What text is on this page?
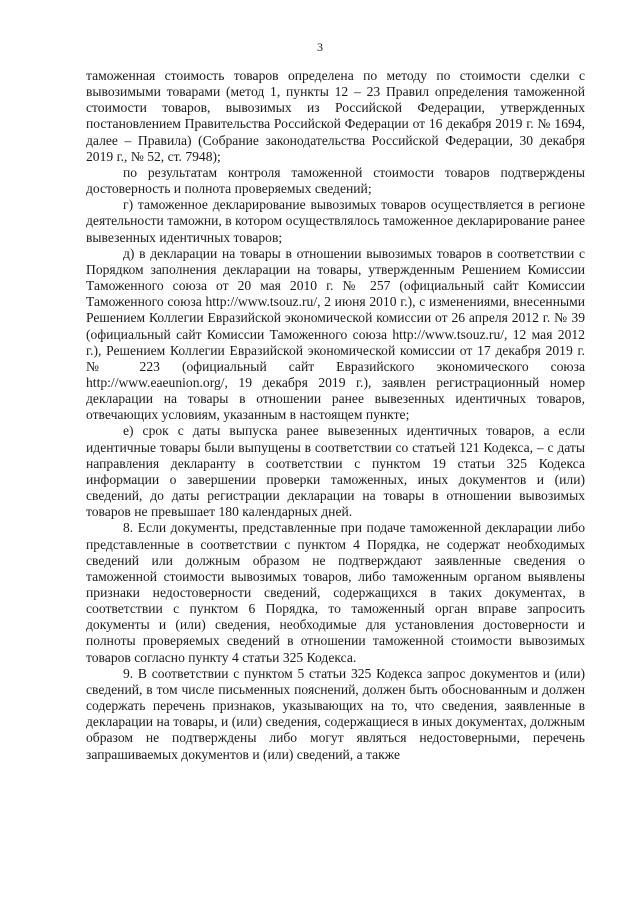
3

таможенная стоимость товаров определена по методу по стоимости сделки с вывозимыми товарами (метод 1, пункты 12 – 23 Правил определения таможенной стоимости товаров, вывозимых из Российской Федерации, утвержденных постановлением Правительства Российской Федерации от 16 декабря 2019 г. № 1694, далее – Правила) (Собрание законодательства Российской Федерации, 30 декабря 2019 г., № 52, ст. 7948);

по результатам контроля таможенной стоимости товаров подтверждены достоверность и полнота проверяемых сведений;

г) таможенное декларирование вывозимых товаров осуществляется в регионе деятельности таможни, в котором осуществлялось таможенное декларирование ранее вывезенных идентичных товаров;

д) в декларации на товары в отношении вывозимых товаров в соответствии с Порядком заполнения декларации на товары, утвержденным Решением Комиссии Таможенного союза от 20 мая 2010 г. № 257 (официальный сайт Комиссии Таможенного союза http://www.tsouz.ru/, 2 июня 2010 г.), с изменениями, внесенными Решением Коллегии Евразийской экономической комиссии от 26 апреля 2012 г. № 39 (официальный сайт Комиссии Таможенного союза http://www.tsouz.ru/, 12 мая 2012 г.), Решением Коллегии Евразийской экономической комиссии от 17 декабря 2019 г. № 223 (официальный сайт Евразийского экономического союза http://www.eaeunion.org/, 19 декабря 2019 г.), заявлен регистрационный номер декларации на товары в отношении ранее вывезенных идентичных товаров, отвечающих условиям, указанным в настоящем пункте;

е) срок с даты выпуска ранее вывезенных идентичных товаров, а если идентичные товары были выпущены в соответствии со статьей 121 Кодекса, – с даты направления декларанту в соответствии с пунктом 19 статьи 325 Кодекса информации о завершении проверки таможенных, иных документов и (или) сведений, до даты регистрации декларации на товары в отношении вывозимых товаров не превышает 180 календарных дней.

8. Если документы, представленные при подаче таможенной декларации либо представленные в соответствии с пунктом 4 Порядка, не содержат необходимых сведений или должным образом не подтверждают заявленные сведения о таможенной стоимости вывозимых товаров, либо таможенным органом выявлены признаки недостоверности сведений, содержащихся в таких документах, в соответствии с пунктом 6 Порядка, то таможенный орган вправе запросить документы и (или) сведения, необходимые для установления достоверности и полноты проверяемых сведений в отношении таможенной стоимости вывозимых товаров согласно пункту 4 статьи 325 Кодекса.

9. В соответствии с пунктом 5 статьи 325 Кодекса запрос документов и (или) сведений, в том числе письменных пояснений, должен быть обоснованным и должен содержать перечень признаков, указывающих на то, что сведения, заявленные в декларации на товары, и (или) сведения, содержащиеся в иных документах, должным образом не подтверждены либо могут являться недостоверными, перечень запрашиваемых документов и (или) сведений, а также
